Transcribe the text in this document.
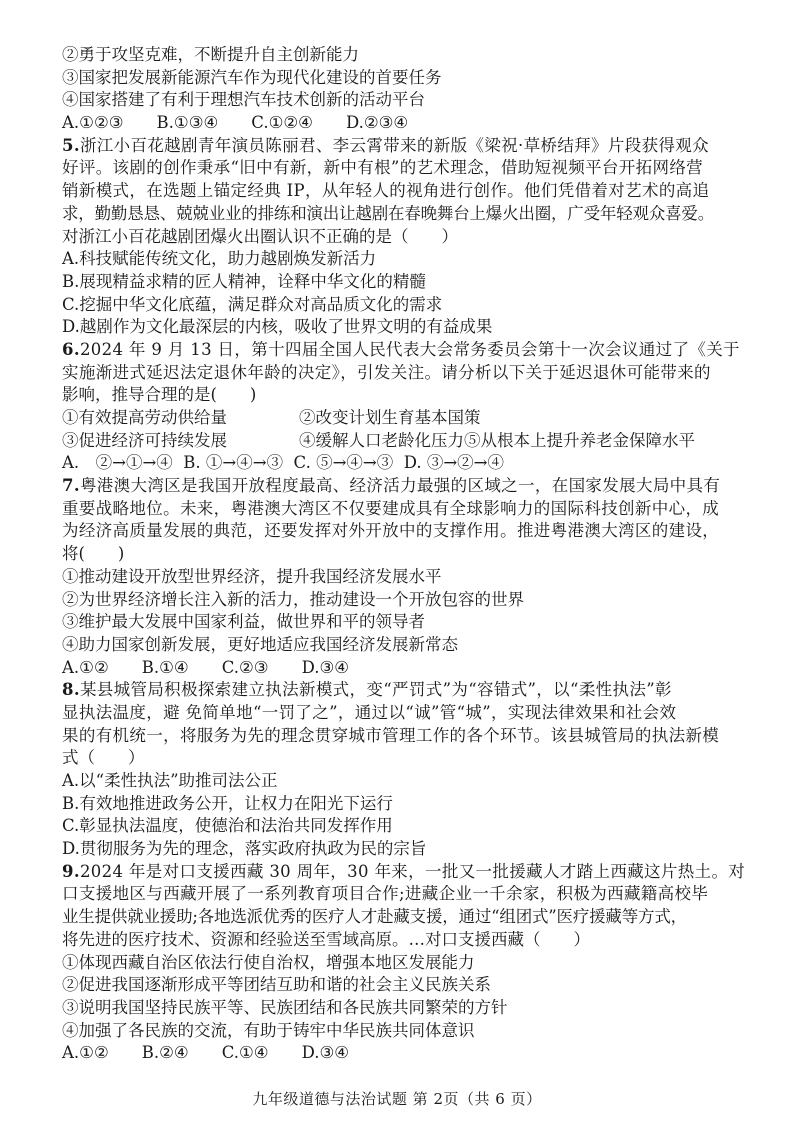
②勇于攻坚克难，不断提升自主创新能力
③国家把发展新能源汽车作为现代化建设的首要任务
④国家搭建了有利于理想汽车技术创新的活动平台
A.①②③　　B.①③④　　C.①②④　　D.②③④
5.浙江小百花越剧青年演员陈丽君、李云霄带来的新版《梁祝·草桥结拜》片段获得观众
好评。该剧的创作秉承“旧中有新，新中有根”的艺术理念，借助短视频平台开拓网络营
销新模式，在选题上锚定经典 IP，从年轻人的视角进行创作。他们凭借着对艺术的高追
求，勤勤恳恳、兢兢业业的排练和演出让越剧在春晚舞台上爆火出圈，广受年轻观众喜爱。
对浙江小百花越剧团爆火出圈认识不正确的是（　　）
A.科技赋能传统文化，助力越剧焕发新活力
B.展现精益求精的匠人精神，诠释中华文化的精髓
C.挖掘中华文化底蕴，满足群众对高品质文化的需求
D.越剧作为文化最深层的内核，吸收了世界文明的有益成果
6.2024 年 9 月 13 日，第十四届全国人民代表大会常务委员会第十一次会议通过了《关于
实施渐进式延迟法定退休年龄的决定》，引发关注。请分析以下关于延迟退休可能带来的
影响，推导合理的是(　　)
①有效提高劳动供给量	②改变计划生育基本国策
③促进经济可持续发展	④缓解人口老龄化压力⑤从根本上提升养老金保障水平
A.　②→①→④  B. ①→④→③  C. ⑤→④→③  D. ③→②→④
7.粤港澳大湾区是我国开放程度最高、经济活力最强的区域之一，在国家发展大局中具有
重要战略地位。未来，粤港澳大湾区不仅要建成具有全球影响力的国际科技创新中心，成
为经济高质量发展的典范，还要发挥对外开放中的支撑作用。推进粤港澳大湾区的建设，
将(　　)
①推动建设开放型世界经济，提升我国经济发展水平
②为世界经济增长注入新的活力，推动建设一个开放包容的世界
③维护最大发展中国家利益，做世界和平的领导者
④助力国家创新发展，更好地适应我国经济发展新常态
A.①②　　B.①④　　C.②③　　D.③④
8.某县城管局积极探索建立执法新模式，变“严罚式”为“容错式”，以“柔性执法”彰
显执法温度，避 免简单地“一罚了之”，通过以“诚”管“城”，实现法律效果和社会效
果的有机统一，将服务为先的理念贯穿城市管理工作的各个环节。该县城管局的执法新模
式（　　）
A.以“柔性执法”助推司法公正
B.有效地推进政务公开，让权力在阳光下运行
C.彰显执法温度，使德治和法治共同发挥作用
D.贯彻服务为先的理念，落实政府执政为民的宗旨
9.2024 年是对口支援西藏 30 周年，30 年来，一批又一批援藏人才踏上西藏这片热土。对
口支援地区与西藏开展了一系列教育项目合作;进藏企业一千余家，积极为西藏籍高校毕
业生提供就业援助;各地选派优秀的医疗人才赴藏支援，通过“组团式”医疗援藏等方式，
将先进的医疗技术、资源和经验送至雪域高原。…对口支援西藏（　　）
①体现西藏自治区依法行使自治权，增强本地区发展能力
②促进我国逐渐形成平等团结互助和谐的社会主义民族关系
③说明我国坚持民族平等、民族团结和各民族共同繁荣的方针
④加强了各民族的交流，有助于铸牢中华民族共同体意识
A.①②　　B.②④　　C.①④　　D.③④
九年级道德与法治试题 第 2页（共 6 页）
